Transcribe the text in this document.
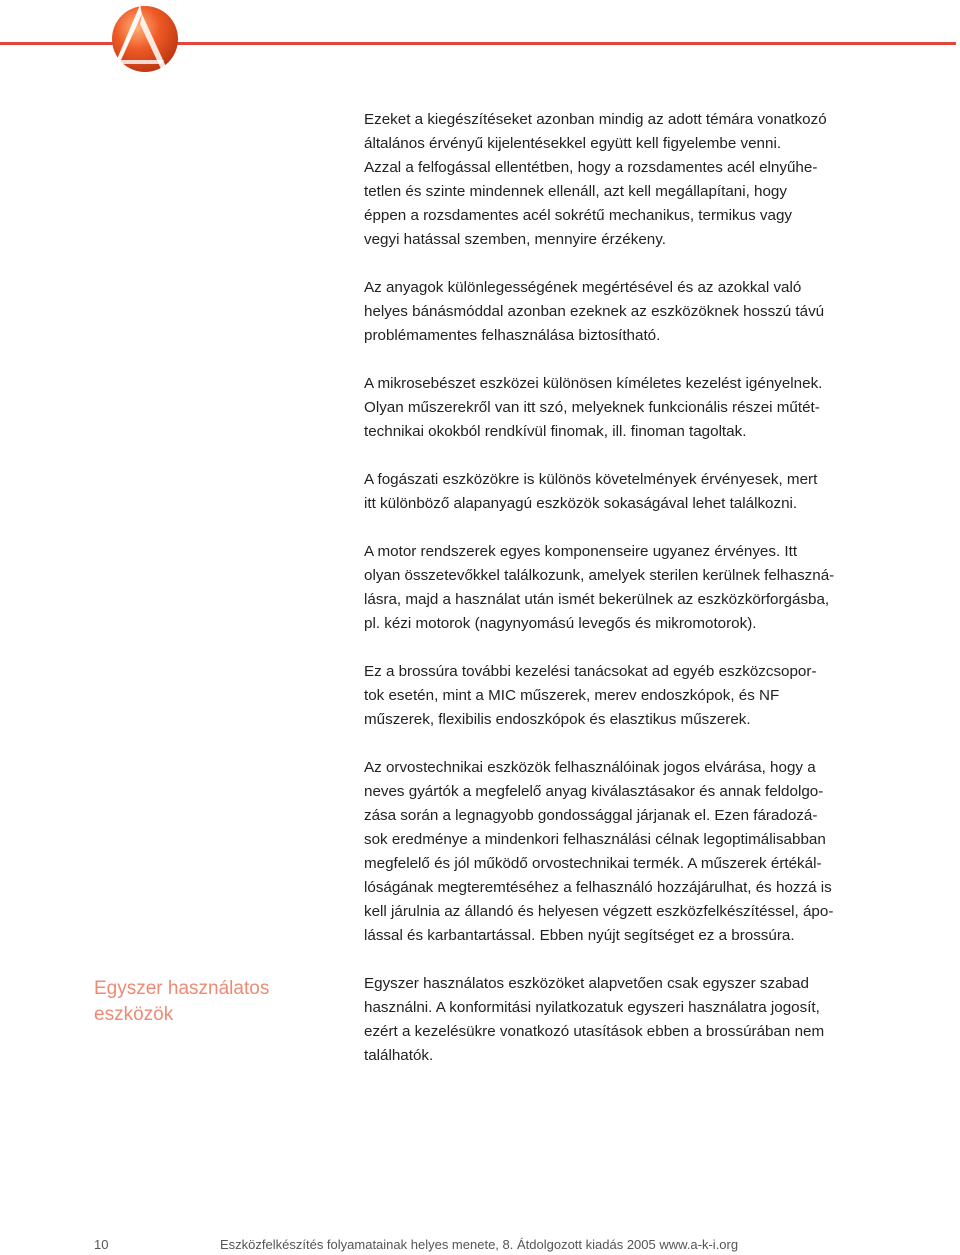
Ezeket a kiegészítéseket azonban mindig az adott témára vonatkozó
általános érvényű kijelentésekkel együtt kell figyelembe venni.
Azzal a felfogással ellentétben, hogy a rozsdamentes acél elnyűhe-
tetlen és szinte mindennek ellenáll, azt kell megállapítani, hogy
éppen a rozsdamentes acél sokrétű mechanikus, termikus vagy
vegyi hatással szemben, mennyire érzékeny.

Az anyagok különlegességének megértésével és az azokkal való
helyes bánásmóddal azonban ezeknek az eszközöknek hosszú távú
problémamentes felhasználása biztosítható.

A mikrosebészet eszközei különösen kíméletes kezelést igényelnek.
Olyan műszerekről van itt szó, melyeknek funkcionális részei műtét-
technikai okokból rendkívül finomak, ill. finoman tagoltak.

A fogászati eszközökre is különös követelmények érvényesek, mert
itt különböző alapanyagú eszközök sokaságával lehet találkozni.

A motor rendszerek egyes komponenseire ugyanez érvényes. Itt
olyan összetevőkkel találkozunk, amelyek sterilen kerülnek felhaszná-
lásra, majd a használat után ismét bekerülnek az eszközkörforgásba,
pl. kézi motorok (nagynyomású levegős és mikromotorok).

Ez a brossúra további kezelési tanácsokat ad egyéb eszközcsopor-
tok esetén, mint a MIC műszerek, merev endoszkópok, és NF
műszerek, flexibilis endoszkópok és elasztikus műszerek.

Az orvostechnikai eszközök felhasználóinak jogos elvárása, hogy a
neves gyártók a megfelelő anyag kiválasztásakor és annak feldolgo-
zása során a legnagyobb gondossággal járjanak el. Ezen fáradozá-
sok eredménye a mindenkori felhasználási célnak legoptimálisabban
megfelelő és jól működő orvostechnikai termék. A műszerek értékál-
lóságának megteremtéséhez a felhasználó hozzájárulhat, és hozzá is
kell járulnia az állandó és helyesen végzett eszközfelkészítéssel, ápo-
lással és karbantartással. Ebben nyújt segítséget ez a brossúra.

Egyszer használatos eszközöket alapvetően csak egyszer szabad
használni. A konformitási nyilatkozatuk egyszeri használatra jogosít,
ezért a kezelésükre vonatkozó utasítások ebben a brossúrában nem
találhatók.

Egyszer használatos
eszközök
10	Eszközfelkészítés folyamatainak helyes menete, 8. Átdolgozott kiadás 2005 www.a-k-i.org
